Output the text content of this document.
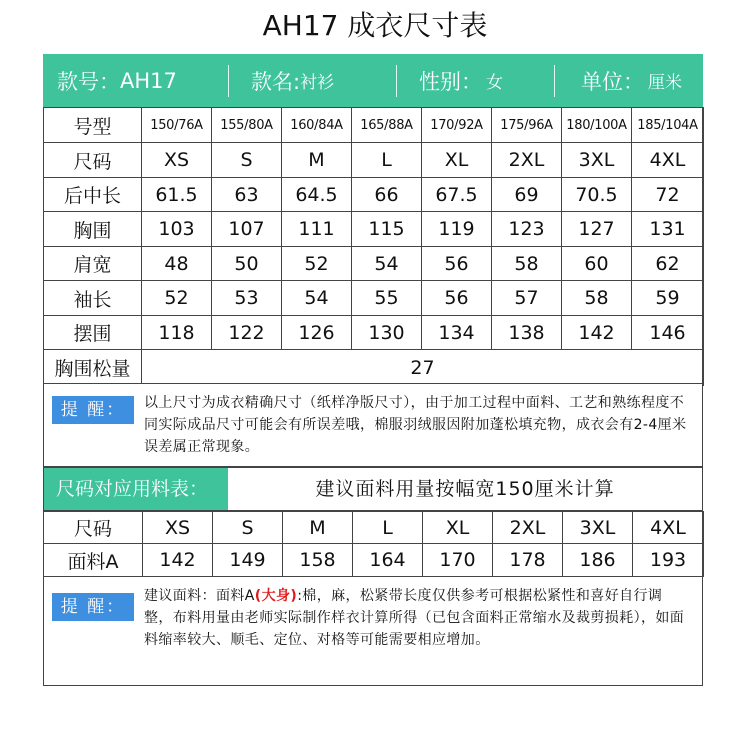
AH17 成衣尺寸表
款号： AH17	款名: 衬衫	性别： 女	单位： 厘米
号型	150/76A	155/80A	160/84A	165/88A	170/92A	175/96A	180/100A	185/104A
尺码	XS	S	M	L	XL	2XL	3XL	4XL
后中长	61.5	63	64.5	66	67.5	69	70.5	72
胸围	103	107	111	115	119	123	127	131
肩宽	48	50	52	54	56	58	60	62
袖长	52	53	54	55	56	57	58	59
摆围	118	122	126	130	134	138	142	146
胸围松量	27							
提 醒：	以上尺寸为成衣精确尺寸（纸样净版尺寸），由于加工过程中面料、工艺和熟练程度不同实际成品尺寸可能会有所误差哦，棉服羽绒服因附加蓬松填充物，成衣会有2-4厘米误差属正常现象。
尺码对应用料表：	建议面料用量按幅宽150厘米计算
尺码	XS	S	M	L	XL	2XL	3XL	4XL
面料A	142	149	158	164	170	178	186	193
提 醒：
建议面料：面料A(大身):棉，麻，松紧带长度仅供参考可根据松紧性和喜好自行调整，布料用量由老师实际制作样衣计算所得（已包含面料正常缩水及裁剪损耗），如面料缩率较大、顺毛、定位、对格等可能需要相应增加。
